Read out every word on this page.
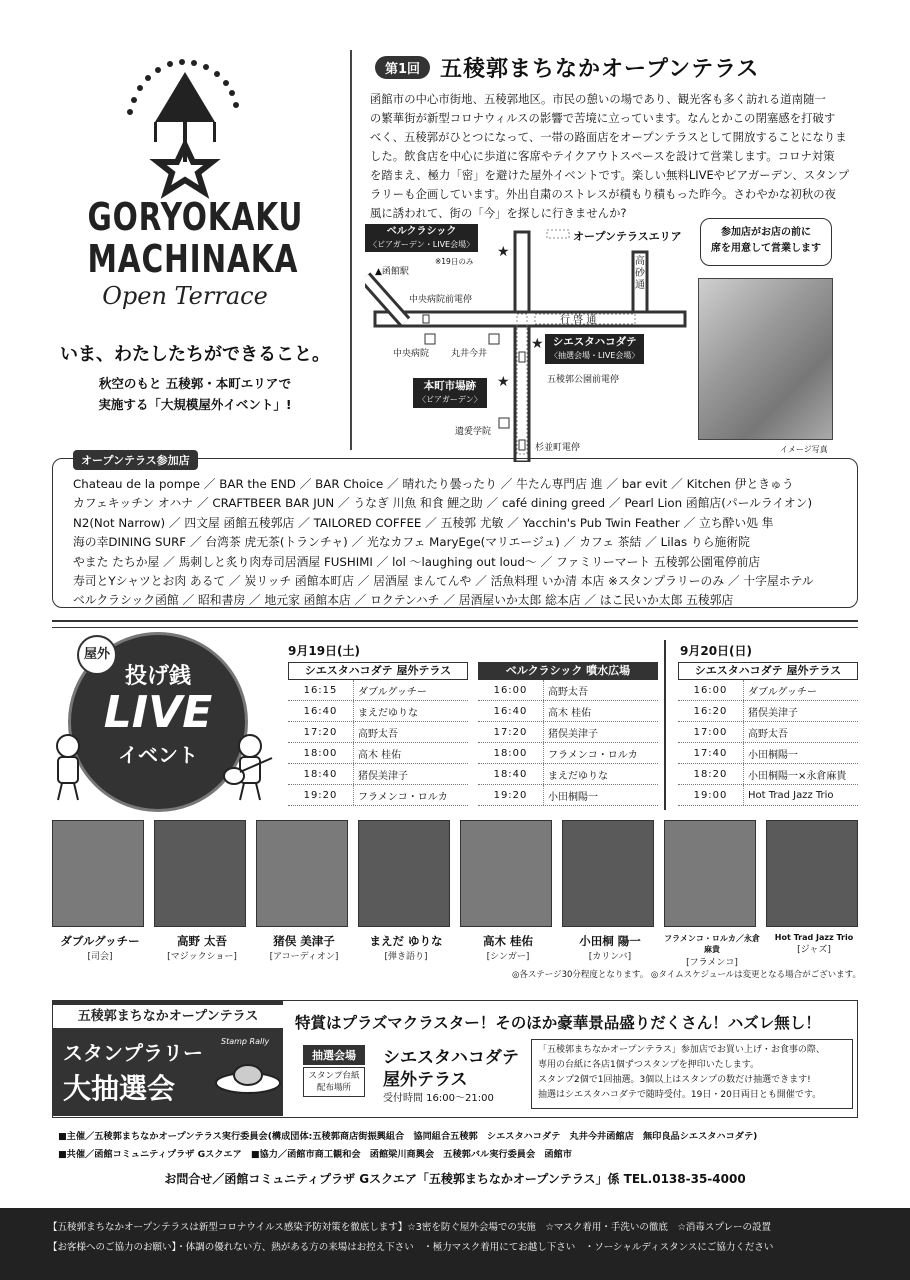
GORYOKAKU
MACHINAKA
Open Terrace
いま、わたしたちができること。
秋空のもと 五稜郭・本町エリアで
実施する「大規模屋外イベント」!
第1回 五稜郭まちなかオープンテラス
函館市の中心市街地、五稜郭地区。市民の憩いの場であり、観光客も多く訪れる道南随一
の繁華街が新型コロナウィルスの影響で苦境に立っています。なんとかこの閉塞感を打破す
べく、五稜郭がひとつになって、一帯の路面店をオープンテラスとして開放することになりま
した。飲食店を中心に歩道に客席やテイクアウトスペースを設けて営業します。コロナ対策
を踏まえ、極力「密」を避けた屋外イベントです。楽しい無料LIVEやビアガーデン、スタンプ
ラリーも企画しています。外出自粛のストレスが積もり積もった昨今。さわやかな初秋の夜
風に誘われて、街の「今」を探しに行きませんか?
★
★
★
ベルクラシック
〈ビアガーデン・LIVE会場〉
※19日のみ
オープンテラスエリア
▲函館駅
中央病院前電停
中央病院 丸井今井
行 啓 通
高砂通
シエスタハコダテ
〈抽選会場・LIVE会場〉
五稜郭公園前電停
本町市場跡
〈ビアガーデン〉
遺愛学院
杉並町電停
参加店がお店の前に
席を用意して営業します
イメージ写真
オープンテラス参加店
Chateau de la pompe ／ BAR the END ／ BAR Choice ／ 晴れたり曇ったり ／ 牛たん専門店 進 ／ bar evit ／ Kitchen 伊ときゅう
カフェキッチン オハナ ／ CRAFTBEER BAR JUN ／ うなぎ 川魚 和食 鯉之助 ／ café dining greed ／ Pearl Lion 函館店(パールライオン)
N2(Not Narrow) ／ 四文屋 函館五稜郭店 ／ TAILORED COFFEE ／ 五稜郭 尤敏 ／ Yacchin's Pub Twin Feather ／ 立ち酔い処 隼
海の幸DINING SURF ／ 台湾茶 虎无茶(トランチャ) ／ 光なカフェ MaryEge(マリエージュ) ／ カフェ 茶結 ／ Lilas りら施術院
やまた たちか屋 ／ 馬刺しと炙り肉寿司居酒屋 FUSHIMI ／ lol ～laughing out loud～ ／ ファミリーマート 五稜郭公園電停前店
寿司とYシャツとお肉 あるて ／ 炭リッチ 函館本町店 ／ 居酒屋 まんてんや ／ 活魚料理 いか清 本店 ※スタンプラリーのみ ／ 十字屋ホテル
ベルクラシック函館 ／ 昭和書房 ／ 地元家 函館本店 ／ ロクテンハチ ／ 居酒屋いか太郎 総本店 ／ はこ民いか太郎 五稜郭店
屋外
投げ銭
LIVE
イベント
9月19日(土)	9月20日(日)
シエスタハコダテ 屋外テラス
16:15	ダブルグッチー
16:40	まえだゆりな
17:20	高野太吾
18:00	高木 桂佑
18:40	猪俣美津子
19:20	フラメンコ・ロルカ
ベルクラシック 噴水広場
16:00	高野太吾
16:40	高木 桂佑
17:20	猪俣美津子
18:00	フラメンコ・ロルカ
18:40	まえだゆりな
19:20	小田桐陽一
シエスタハコダテ 屋外テラス
16:00	ダブルグッチー
16:20	猪俣美津子
17:00	高野太吾
17:40	小田桐陽一
18:20	小田桐陽一×永倉麻貴
19:00	Hot Trad Jazz Trio
ダブルグッチー
[司会]
高野 太吾
[マジックショー]
猪俣 美津子
[アコーディオン]
まえだ ゆりな
[弾き語り]
高木 桂佑
[シンガー]
小田桐 陽一
[カリンバ]
フラメンコ・ロルカ／永倉麻貴
[フラメンコ]
Hot Trad Jazz Trio
[ジャズ]
◎各ステージ30分程度となります。 ◎タイムスケジュールは変更となる場合がございます。
五稜郭まちなかオープンテラス
スタンプラリー
大抽選会
Stamp Rally
特賞はプラズマクラスター！そのほか豪華景品盛りだくさん！ハズレ無し！
抽選会場
スタンプ台紙
配布場所
シエスタハコダテ
屋外テラス
受付時間 16:00～21:00
「五稜郭まちなかオープンテラス」参加店でお買い上げ・お食事の際、
専用の台紙に各店1個ずつスタンプを押印いたします。
スタンプ2個で1回抽選。3個以上はスタンプの数だけ抽選できます!
抽選はシエスタハコダテで随時受付。19日・20日両日とも開催です。
■主催／五稜郭まちなかオープンテラス実行委員会(構成団体:五稜郭商店街振興組合　協同組合五稜郭　シエスタハコダテ　丸井今井函館店　無印良品シエスタハコダテ)
■共催／函館コミュニティプラザ Gスクエア　■協力／函館市商工観和会　函館梁川商興会　五稜郭バル実行委員会　函館市
お問合せ／函館コミュニティプラザ Gスクエア「五稜郭まちなかオープンテラス」係 TEL.0138-35-4000
【五稜郭まちなかオープンテラスは新型コロナウイルス感染予防対策を徹底します】☆3密を防ぐ屋外会場での実施　☆マスク着用・手洗いの徹底　☆消毒スプレーの設置
【お客様へのご協力のお願い】・体調の優れない方、熱がある方の来場はお控え下さい　・極力マスク着用にてお越し下さい　・ソーシャルディスタンスにご協力ください
